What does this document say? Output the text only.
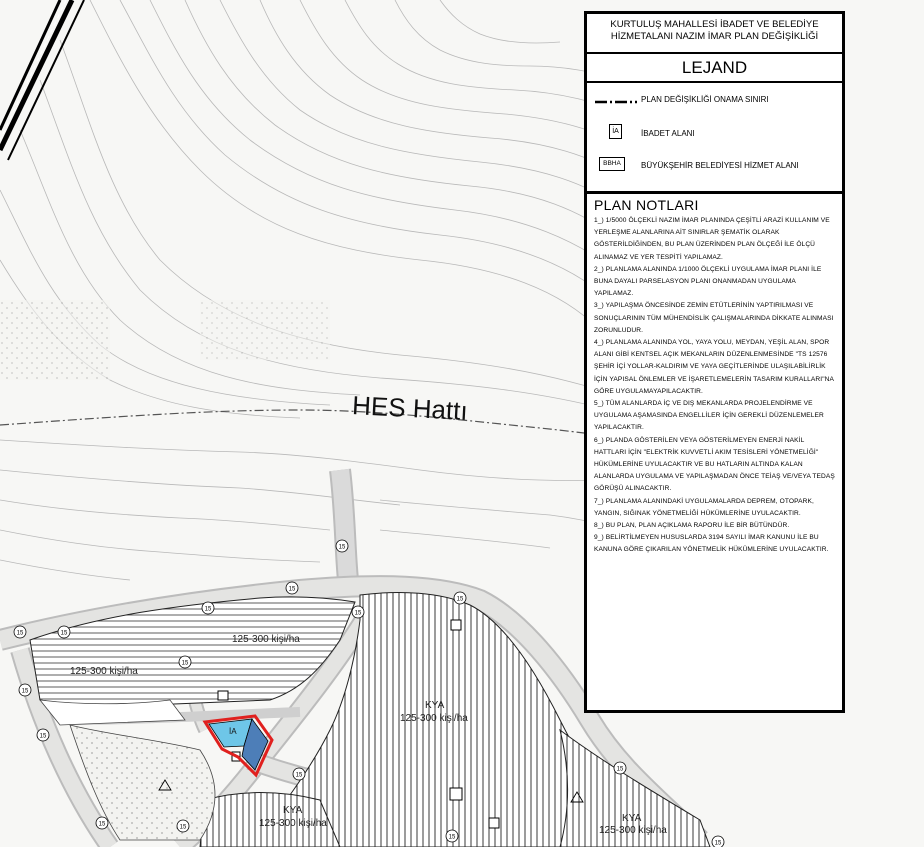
15
15
15
15
15
15
15
15
15
15
15	15
15
15
15
15
HES Hattı
125-300 kişi/ha
125-300 kişi/ha
KYA
125-300 kişi/ha
KYA
125-300 kişi/ha	KYA
125-300 kişi/ha
İA
KURTULUŞ MAHALLESİ İBADET VE BELEDİYE
HİZMETALANI NAZIM İMAR PLAN DEĞİŞİKLİĞİ
LEJAND
PLAN DEĞİŞİKLİĞİ ONAMA SINIRI
İA	İBADET ALANI
BBHA	BÜYÜKŞEHİR BELEDİYESİ HİZMET ALANI
PLAN NOTLARI
1_) 1/5000 ÖLÇEKLİ NAZIM İMAR PLANINDA ÇEŞİTLİ ARAZİ KULLANIM VE YERLEŞME ALANLARINA AİT SINIRLAR ŞEMATİK OLARAK GÖSTERİLDİĞİNDEN, BU PLAN ÜZERİNDEN PLAN ÖLÇEĞİ İLE ÖLÇÜ ALINAMAZ VE YER TESPİTİ YAPILAMAZ.
2_) PLANLAMA ALANINDA 1/1000 ÖLÇEKLİ UYGULAMA İMAR PLANI İLE BUNA DAYALI PARSELASYON PLANI ONANMADAN UYGULAMA YAPILAMAZ.
3_) YAPILAŞMA ÖNCESİNDE ZEMİN ETÜTLERİNİN YAPTIRILMASI VE SONUÇLARININ TÜM MÜHENDİSLİK ÇALIŞMALARINDA DİKKATE ALINMASI ZORUNLUDUR.
4_) PLANLAMA ALANINDA YOL, YAYA YOLU, MEYDAN, YEŞİL ALAN, SPOR ALANI GİBİ KENTSEL AÇIK MEKANLARIN DÜZENLENMESİNDE "TS 12576 ŞEHİR İÇİ YOLLAR-KALDIRIM VE YAYA GEÇİTLERİNDE ULAŞILABİLİRLİK İÇİN YAPISAL ÖNLEMLER VE İŞARETLEMELERİN TASARIM KURALLARI"NA GÖRE UYGULAMAYAPILACAKTIR.
5_) TÜM ALANLARDA İÇ VE DIŞ MEKANLARDA PROJELENDİRME VE UYGULAMA AŞAMASINDA ENGELLİLER İÇİN GEREKLİ DÜZENLEMELER YAPILACAKTIR.
6_) PLANDA GÖSTERİLEN VEYA GÖSTERİLMEYEN ENERJİ NAKİL HATTLARI İÇİN "ELEKTRİK KUVVETLİ AKIM TESİSLERİ YÖNETMELİĞİ" HÜKÜMLERİNE UYULACAKTIR VE BU HATLARIN ALTINDA KALAN ALANLARDA UYGULAMA VE YAPILAŞMADAN ÖNCE TEİAŞ VE/VEYA TEDAŞ GÖRÜŞÜ ALINACAKTIR.
7_) PLANLAMA ALANINDAKİ UYGULAMALARDA DEPREM, OTOPARK, YANGIN, SIĞINAK YÖNETMELİĞİ HÜKÜMLERİNE UYULACAKTIR.
8_) BU PLAN, PLAN AÇIKLAMA RAPORU İLE BİR BÜTÜNDÜR.
9_) BELİRTİLMEYEN HUSUSLARDA 3194 SAYILI İMAR KANUNU İLE BU KANUNA GÖRE ÇIKARILAN YÖNETMELİK HÜKÜMLERİNE UYULACAKTIR.
